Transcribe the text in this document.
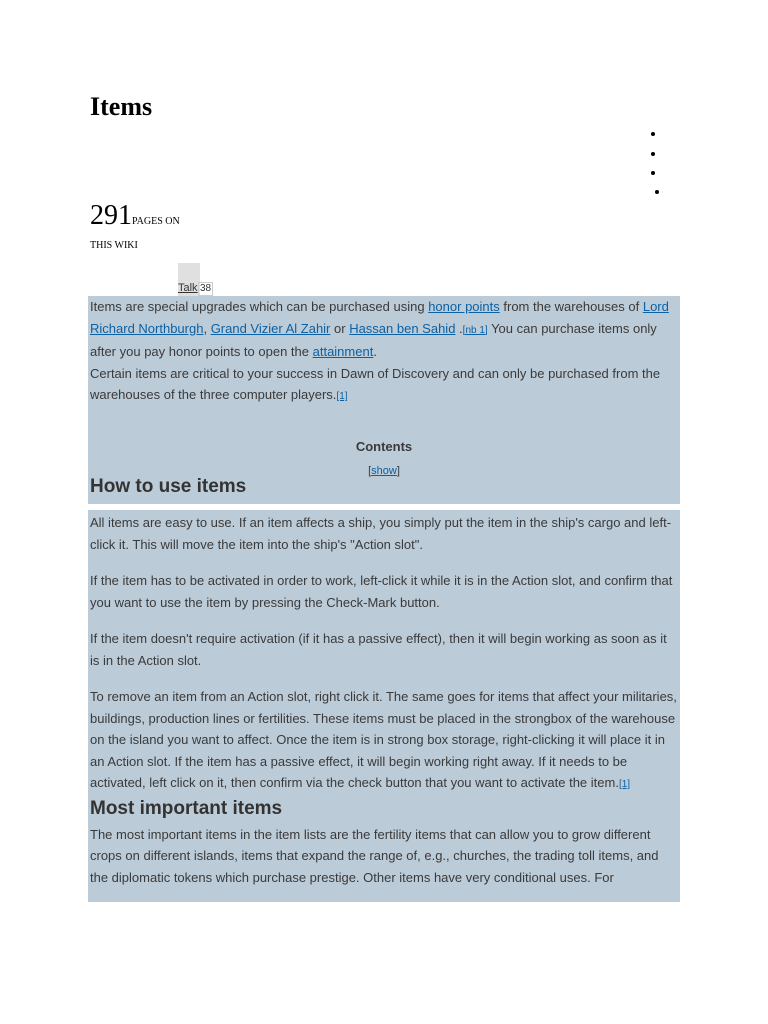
Items
291PAGES ON
THIS WIKI
Talk 38

Items are special upgrades which can be purchased using honor points from the warehouses of Lord Richard Northburgh, Grand Vizier Al Zahir or Hassan ben Sahid .[nb 1] You can purchase items only after you pay honor points to open the attainment.

Certain items are critical to your success in Dawn of Discovery and can only be purchased from the warehouses of the three computer players.[1]

Contents
[show]
How to use items

All items are easy to use. If an item affects a ship, you simply put the item in the ship's cargo and left-click it. This will move the item into the ship's "Action slot".

If the item has to be activated in order to work, left-click it while it is in the Action slot, and confirm that you want to use the item by pressing the Check-Mark button.

If the item doesn't require activation (if it has a passive effect), then it will begin working as soon as it is in the Action slot.

To remove an item from an Action slot, right click it. The same goes for items that affect your militaries, buildings, production lines or fertilities. These items must be placed in the strongbox of the warehouse on the island you want to affect. Once the item is in strong box storage, right-clicking it will place it in an Action slot. If the item has a passive effect, it will begin working right away. If it needs to be activated, left click on it, then confirm via the check button that you want to activate the item.[1]

Most important items

The most important items in the item lists are the fertility items that can allow you to grow different crops on different islands, items that expand the range of, e.g., churches, the trading toll items, and the diplomatic tokens which purchase prestige. Other items have very conditional uses. For
